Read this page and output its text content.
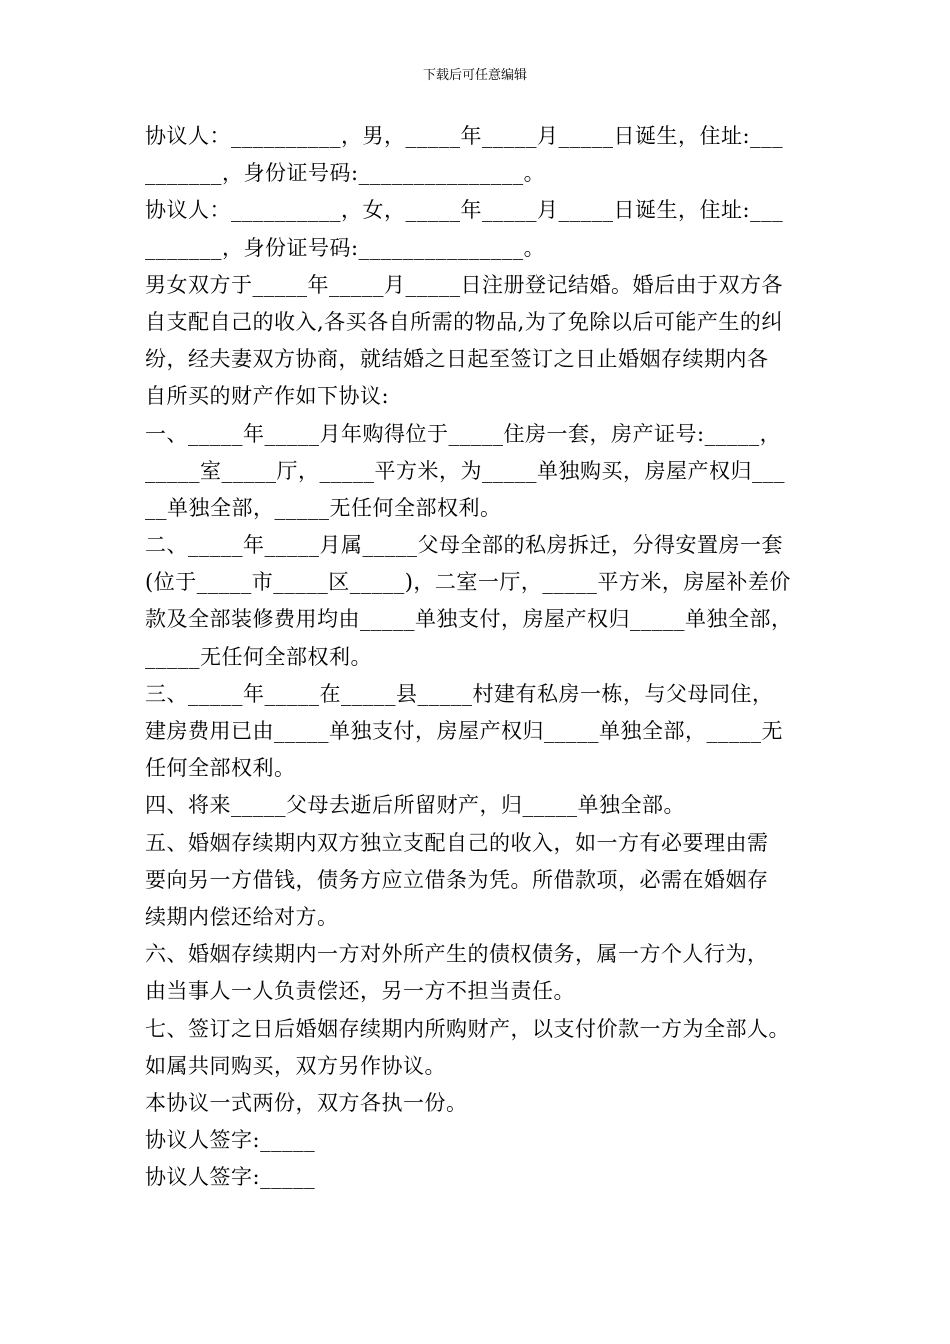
下载后可任意编辑
协议人：__________，男，_____年_____月_____日诞生，住址:___
_______，身份证号码:_______________。
协议人：__________，女，_____年_____月_____日诞生，住址:___
_______，身份证号码:_______________。
男女双方于_____年_____月_____日注册登记结婚。婚后由于双方各
自支配自己的收入,各买各自所需的物品,为了免除以后可能产生的纠
纷，经夫妻双方协商，就结婚之日起至签订之日止婚姻存续期内各
自所买的财产作如下协议:
一、_____年_____月年购得位于_____住房一套，房产证号:_____，
_____室_____厅，_____平方米，为_____单独购买，房屋产权归___
__单独全部，_____无任何全部权利。
二、_____年_____月属_____父母全部的私房拆迁，分得安置房一套
(位于_____市_____区_____)，二室一厅，_____平方米，房屋补差价
款及全部装修费用均由_____单独支付，房屋产权归_____单独全部，
_____无任何全部权利。
三、_____年_____在_____县_____村建有私房一栋，与父母同住，
建房费用已由_____单独支付，房屋产权归_____单独全部，_____无
任何全部权利。
四、将来_____父母去逝后所留财产，归_____单独全部。
五、婚姻存续期内双方独立支配自己的收入，如一方有必要理由需
要向另一方借钱，债务方应立借条为凭。所借款项，必需在婚姻存
续期内偿还给对方。
六、婚姻存续期内一方对外所产生的债权债务，属一方个人行为，
由当事人一人负责偿还，另一方不担当责任。
七、签订之日后婚姻存续期内所购财产，以支付价款一方为全部人。
如属共同购买，双方另作协议。
本协议一式两份，双方各执一份。
协议人签字:_____
协议人签字:_____
